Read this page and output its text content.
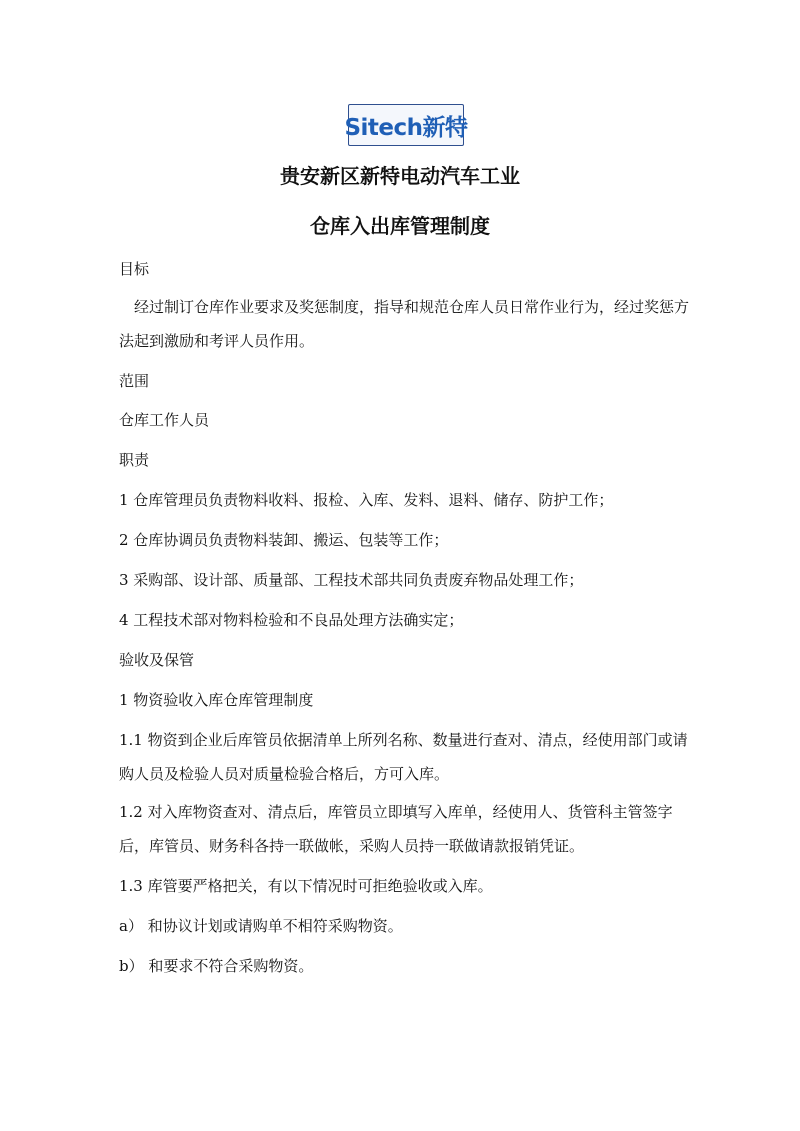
Sitech新特
贵安新区新特电动汽车工业
仓库入出库管理制度

目标

经过制订仓库作业要求及奖惩制度，指导和规范仓库人员日常作业行为，经过奖惩方法起到激励和考评人员作用。

范围

仓库工作人员

职责

1 仓库管理员负责物料收料、报检、入库、发料、退料、储存、防护工作；

2 仓库协调员负责物料装卸、搬运、包装等工作；

3 采购部、设计部、质量部、工程技术部共同负责废弃物品处理工作；

4 工程技术部对物料检验和不良品处理方法确实定；

验收及保管

1 物资验收入库仓库管理制度

1.1 物资到企业后库管员依据清单上所列名称、数量进行查对、清点，经使用部门或请购人员及检验人员对质量检验合格后，方可入库。

1.2 对入库物资查对、清点后，库管员立即填写入库单，经使用人、货管科主管签字后，库管员、财务科各持一联做帐，采购人员持一联做请款报销凭证。

1.3 库管要严格把关，有以下情况时可拒绝验收或入库。

a） 和协议计划或请购单不相符采购物资。

b） 和要求不符合采购物资。
